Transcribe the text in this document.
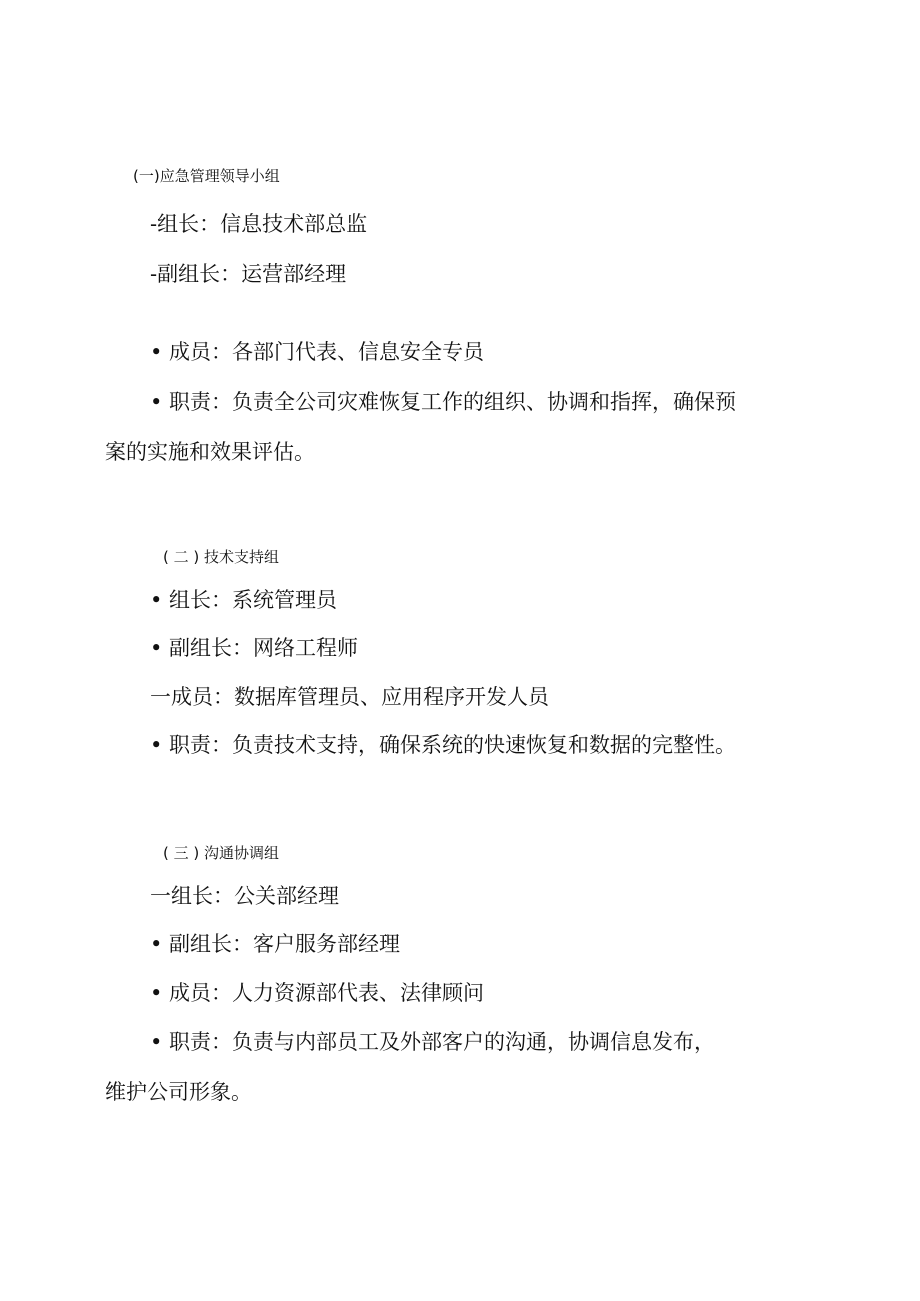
(一)应急管理领导小组
-组长：信息技术部总监
-副组长：运营部经理
• 成员：各部门代表、信息安全专员
• 职责：负责全公司灾难恢复工作的组织、协调和指挥，确保预
案的实施和效果评估。
( 二 ) 技术支持组
• 组长：系统管理员
• 副组长：网络工程师
一成员：数据库管理员、应用程序开发人员
• 职责：负责技术支持，确保系统的快速恢复和数据的完整性。
( 三 ) 沟通协调组
一组长：公关部经理
• 副组长：客户服务部经理
• 成员：人力资源部代表、法律顾问
• 职责：负责与内部员工及外部客户的沟通，协调信息发布，
维护公司形象。
